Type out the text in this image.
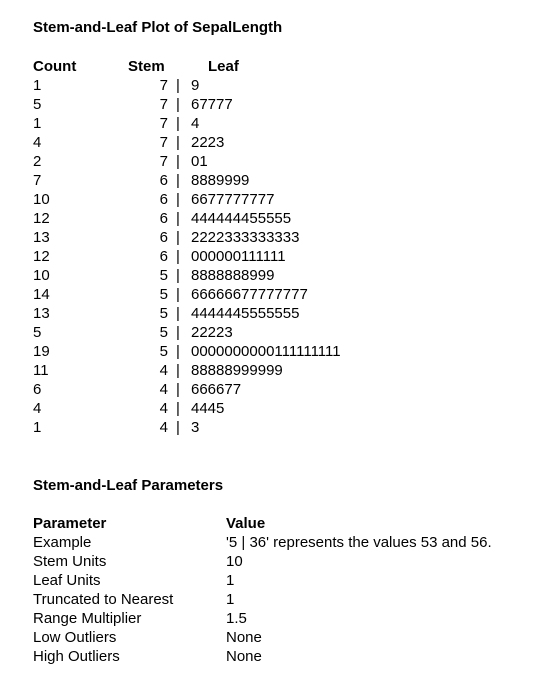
Stem-and-Leaf Plot of SepalLength
Count	Stem	Leaf
1	7 | 9
5	7 | 67777
1	7 | 4
4	7 | 2223
2	7 | 01
7	6 | 8889999
10	6 | 6677777777
12	6 | 444444455555
13	6 | 2222333333333
12	6 | 000000111111
10	5 | 8888888999
14	5 | 66666677777777
13	5 | 4444445555555
5	5 | 22223
19	5 | 0000000000111111111
11	4 | 88888999999
6	4 | 666677
4	4 | 4445
1	4 | 3
Stem-and-Leaf Parameters
Parameter	Value
Example	'5 | 36' represents the values 53 and 56.
Stem Units	10
Leaf Units	1
Truncated to Nearest	1
Range Multiplier	1.5
Low Outliers	None
High Outliers	None
